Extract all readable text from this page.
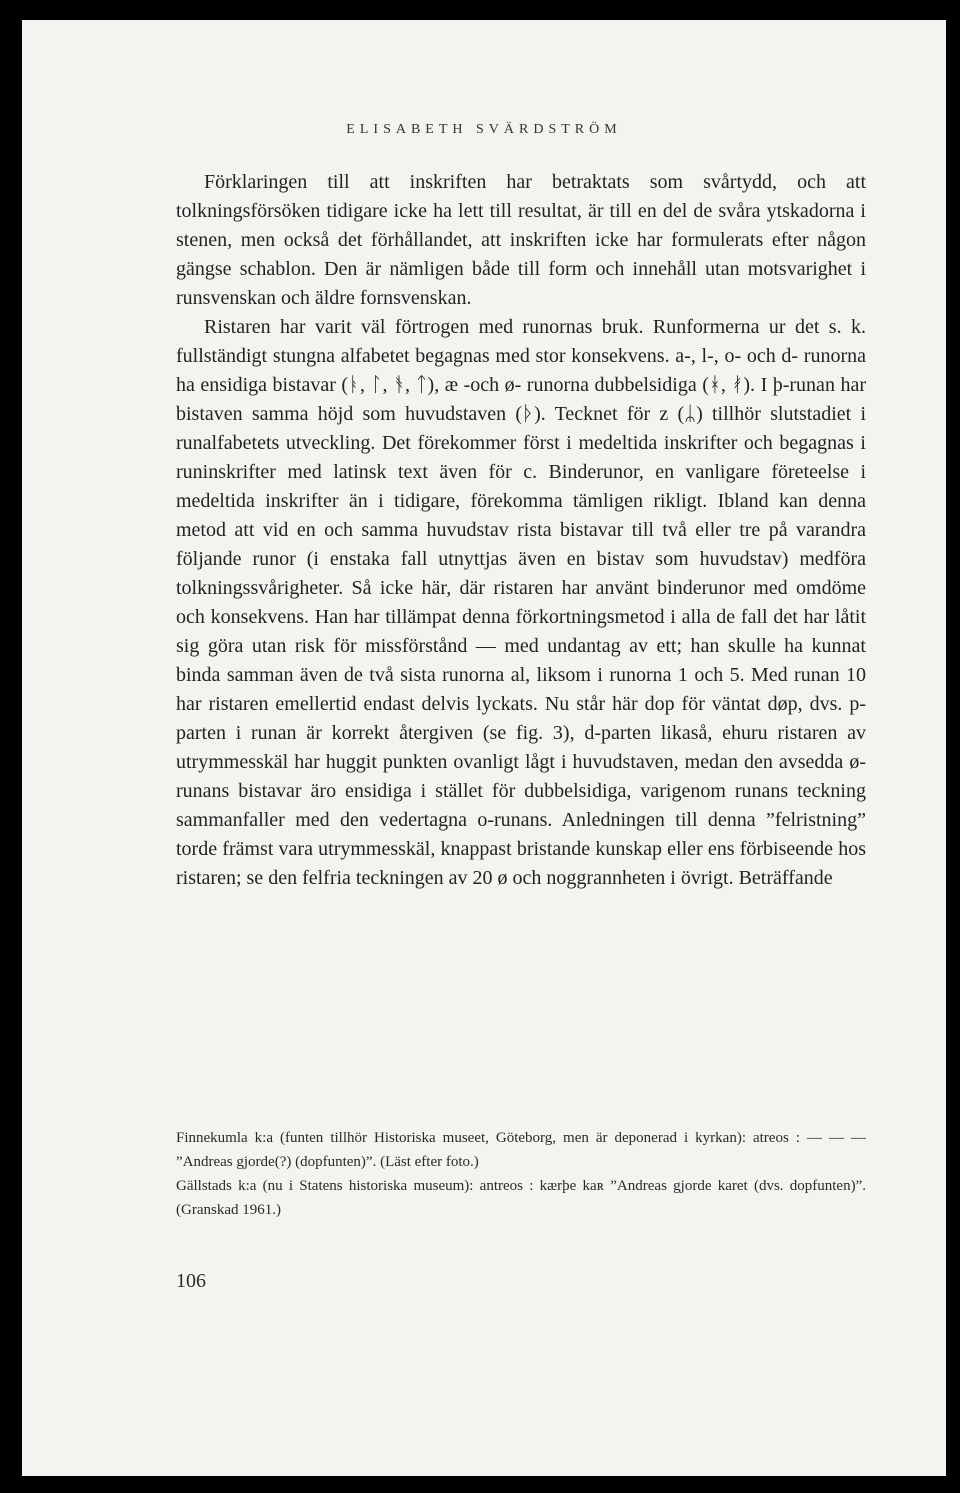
ELISABETH SVÄRDSTRÖM

Förklaringen till att inskriften har betraktats som svårtydd, och att tolkningsförsöken tidigare icke ha lett till resultat, är till en del de svåra ytskadorna i stenen, men också det förhållandet, att inskriften icke har formulerats efter någon gängse schablon. Den är nämligen både till form och innehåll utan motsvarighet i runsvenskan och äldre fornsvenskan.

Ristaren har varit väl förtrogen med runornas bruk. Runformerna ur det s. k. fullständigt stungna alfabetet begagnas med stor konsekvens. a-, l-, o- och d- runorna ha ensidiga bistavar (ᚭ, ᛚ, ᚬ, ᛏ), æ -och ø- runorna dubbelsidiga (ᚼ, ᚯ). I þ-runan har bistaven samma höjd som huvudstaven (ᚦ). Tecknet för z (ᛦ) tillhör slutstadiet i runalfabetets utveckling. Det förekommer först i medeltida inskrifter och begagnas i runinskrifter med latinsk text även för c. Binderunor, en vanligare företeelse i medeltida inskrifter än i tidigare, förekomma tämligen rikligt. Ibland kan denna metod att vid en och samma huvudstav rista bistavar till två eller tre på varandra följande runor (i enstaka fall utnyttjas även en bistav som huvudstav) medföra tolkningssvårigheter. Så icke här, där ristaren har använt binderunor med omdöme och konsekvens. Han har tillämpat denna förkortningsmetod i alla de fall det har låtit sig göra utan risk för missförstånd — med undantag av ett; han skulle ha kunnat binda samman även de två sista runorna al, liksom i runorna 1 och 5. Med runan 10 har ristaren emellertid endast delvis lyckats. Nu står här dop för väntat døp, dvs. p-parten i runan är korrekt återgiven (se fig. 3), d-parten likaså, ehuru ristaren av utrymmesskäl har huggit punkten ovanligt lågt i huvudstaven, medan den avsedda ø-runans bistavar äro ensidiga i stället för dubbelsidiga, varigenom runans teckning sammanfaller med den vedertagna o-runans. Anledningen till denna ”felristning” torde främst vara utrymmesskäl, knappast bristande kunskap eller ens förbiseende hos ristaren; se den felfria teckningen av 20 ø och noggrannheten i övrigt. Beträffande

Finnekumla k:a (funten tillhör Historiska museet, Göteborg, men är deponerad i kyrkan): atreos : — — — ”Andreas gjorde(?) (dopfunten)”. (Läst efter foto.)

Gällstads k:a (nu i Statens historiska museum): antreos : kærþe kaʀ ”Andreas gjorde karet (dvs. dopfunten)”. (Granskad 1961.)

106
